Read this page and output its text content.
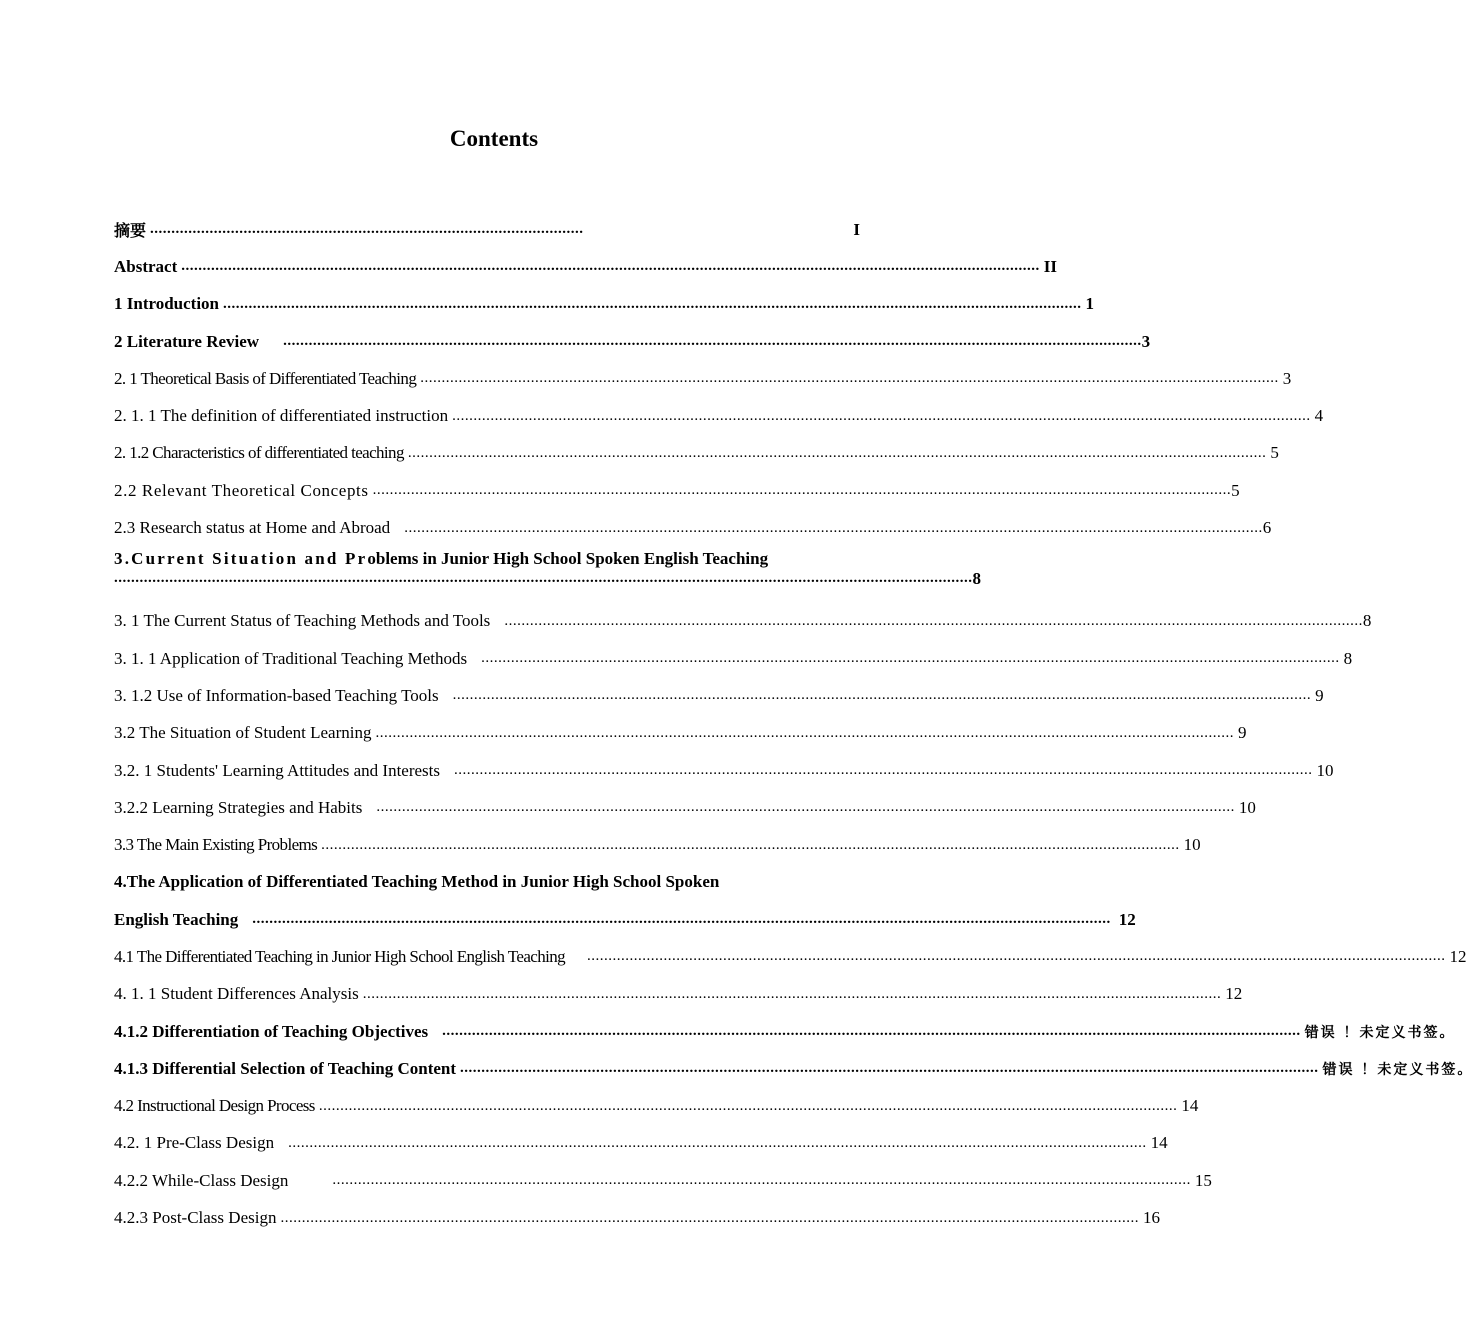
Contents
摘要 ......................................................................................................	I
Abstract .......................................................................................................................................................................................................... II
1 Introduction .......................................................................................................................................................................................................... 1
2 Literature Review .......................................................................................................................................................................................................... 3
2. 1 Theoretical Basis of Differentiated Teaching .......................................................................................................................................................................................................... 3
2. 1. 1 The definition of differentiated instruction .......................................................................................................................................................................................................... 4
2. 1.2 Characteristics of differentiated teaching .......................................................................................................................................................................................................... 5
2.2 Relevant Theoretical Concepts .......................................................................................................................................................................................................... 5
2.3 Research status at Home and Abroad .......................................................................................................................................................................................................... 6
3.Current Situation and Problems in Junior High School Spoken English Teaching
.......................................................................................................................................................................................................... 8
3. 1 The Current Status of Teaching Methods and Tools .......................................................................................................................................................................................................... 8
3. 1. 1 Application of Traditional Teaching Methods .......................................................................................................................................................................................................... 8
3. 1.2 Use of Information-based Teaching Tools .......................................................................................................................................................................................................... 9
3.2 The Situation of Student Learning .......................................................................................................................................................................................................... 9
3.2. 1 Students' Learning Attitudes and Interests .......................................................................................................................................................................................................... 10
3.2.2 Learning Strategies and Habits .......................................................................................................................................................................................................... 10
3.3 The Main Existing Problems .......................................................................................................................................................................................................... 10
4.The Application of Differentiated Teaching Method in Junior High School Spoken
English Teaching .......................................................................................................................................................................................................... 12
4.1 The Differentiated Teaching in Junior High School English Teaching .......................................................................................................................................................................................................... 12
4. 1. 1 Student Differences Analysis .......................................................................................................................................................................................................... 12
4.1.2 Differentiation of Teaching Objectives .......................................................................................................................................................................................................... 错误 ！未定义书签。
4.1.3 Differential Selection of Teaching Content .......................................................................................................................................................................................................... 错误 ！未定义书签。
4.2 Instructional Design Process .......................................................................................................................................................................................................... 14
4.2. 1 Pre-Class Design .......................................................................................................................................................................................................... 14
4.2.2 While-Class Design	.......................................................................................................................................................................................................... 15
4.2.3 Post-Class Design .......................................................................................................................................................................................................... 16
